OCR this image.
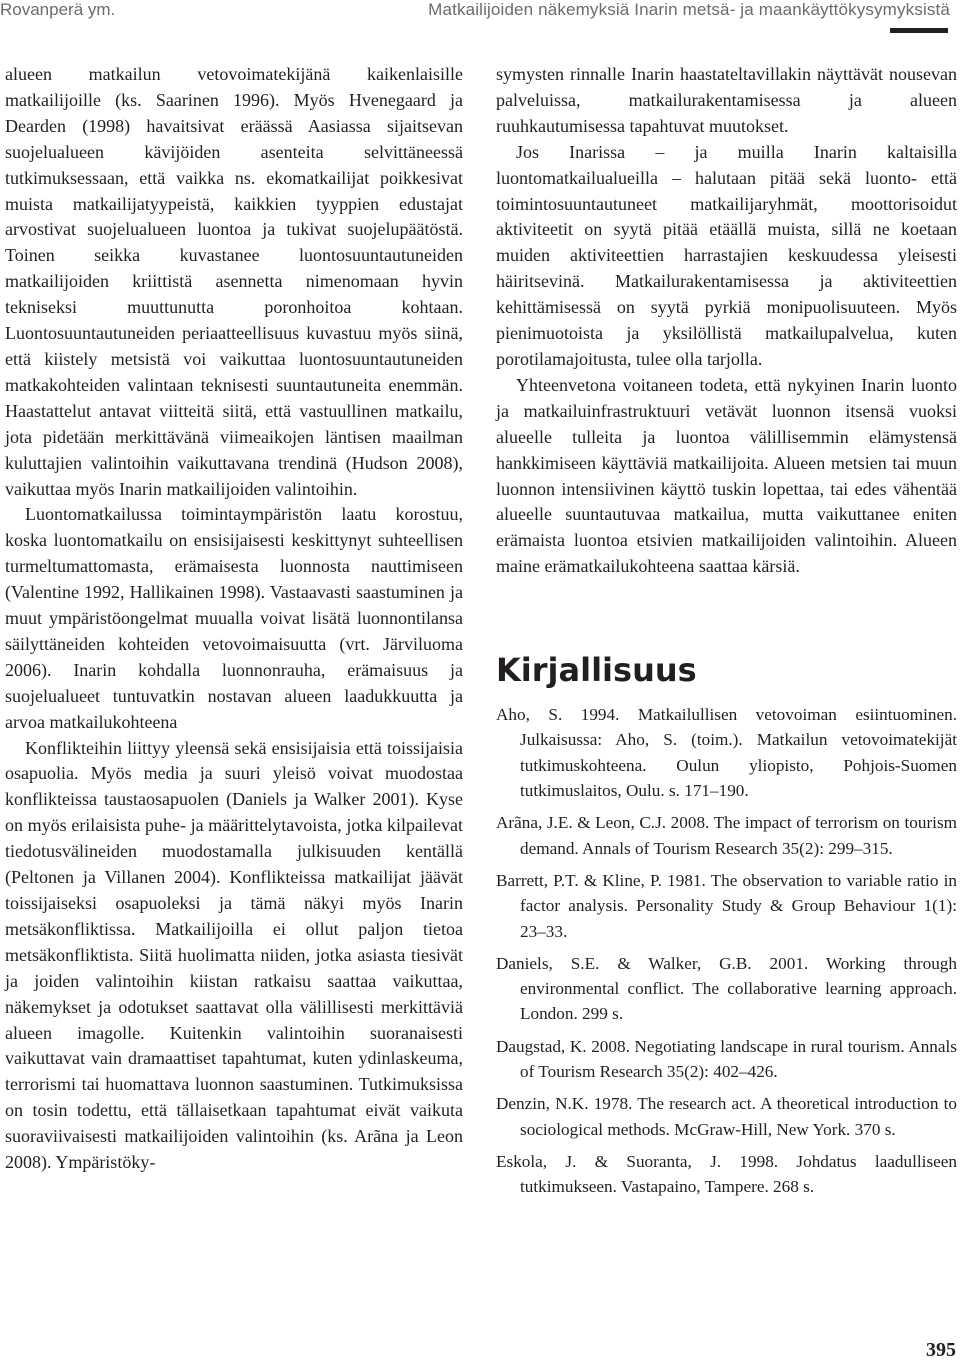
Rovanperä ym.	Matkailijoiden näkemyksiä Inarin metsä- ja maankäyttökysymyksistä

alueen matkailun vetovoimatekijänä kaikenlaisille matkailijoille (ks. Saarinen 1996). Myös Hvenegaard ja Dearden (1998) havaitsivat eräässä Aasiassa sijaitsevan suojelualueen kävijöiden asenteita selvittäneessä tutkimuksessaan, että vaikka ns. ekomatkailijat poikkesivat muista matkailijatyypeistä, kaikkien tyyppien edustajat arvostivat suojelualueen luontoa ja tukivat suojelupäätöstä. Toinen seikka kuvastanee luontosuuntautuneiden matkailijoiden kriittistä asennetta nimenomaan hyvin tekniseksi muuttunutta poronhoitoa kohtaan. Luontosuuntautuneiden periaatteellisuus kuvastuu myös siinä, että kiistely metsistä voi vaikuttaa luontosuuntautuneiden matkakohteiden valintaan teknisesti suuntautuneita enemmän. Haastattelut antavat viitteitä siitä, että vastuullinen matkailu, jota pidetään merkittävänä viimeaikojen läntisen maailman kuluttajien valintoihin vaikuttavana trendinä (Hudson 2008), vaikuttaa myös Inarin matkailijoiden valintoihin.

Luontomatkailussa toimintaympäristön laatu korostuu, koska luontomatkailu on ensisijaisesti keskittynyt suhteellisen turmeltumattomasta, erämaisesta luonnosta nauttimiseen (Valentine 1992, Hallikainen 1998). Vastaavasti saastuminen ja muut ympäristöongelmat muualla voivat lisätä luonnontilansa säilyttäneiden kohteiden vetovoimaisuutta (vrt. Järviluoma 2006). Inarin kohdalla luonnonrauha, erämaisuus ja suojelualueet tuntuvatkin nostavan alueen laadukkuutta ja arvoa matkailukohteena

Konflikteihin liittyy yleensä sekä ensisijaisia että toissijaisia osapuolia. Myös media ja suuri yleisö voivat muodostaa konflikteissa taustaosapuolen (Daniels ja Walker 2001). Kyse on myös erilaisista puhe- ja määrittelytavoista, jotka kilpailevat tiedotusvälineiden muodostamalla julkisuuden kentällä (Peltonen ja Villanen 2004). Konflikteissa matkailijat jäävät toissijaiseksi osapuoleksi ja tämä näkyi myös Inarin metsäkonfliktissa. Matkailijoilla ei ollut paljon tietoa metsäkonfliktista. Siitä huolimatta niiden, jotka asiasta tiesivät ja joiden valintoihin kiistan ratkaisu saattaa vaikuttaa, näkemykset ja odotukset saattavat olla välillisesti merkittäviä alueen imagolle. Kuitenkin valintoihin suoranaisesti vaikuttavat vain dramaattiset tapahtumat, kuten ydinlaskeuma, terrorismi tai huomattava luonnon saastuminen. Tutkimuksissa on tosin todettu, että tällaisetkaan tapahtumat eivät vaikuta suoraviivaisesti matkailijoiden valintoihin (ks. Arãna ja Leon 2008). Ympäristöky-

symysten rinnalle Inarin haastateltavillakin näyttävät nousevan palveluissa, matkailurakentamisessa ja alueen ruuhkautumisessa tapahtuvat muutokset.

Jos Inarissa – ja muilla Inarin kaltaisilla luontomatkailualueilla – halutaan pitää sekä luonto- että toimintosuuntautuneet matkailijaryhmät, moottorisoidut aktiviteetit on syytä pitää etäällä muista, sillä ne koetaan muiden aktiviteettien harrastajien keskuudessa yleisesti häiritsevinä. Matkailurakentamisessa ja aktiviteettien kehittämisessä on syytä pyrkiä monipuolisuuteen. Myös pienimuotoista ja yksilöllistä matkailupalvelua, kuten porotilamajoitusta, tulee olla tarjolla.

Yhteenvetona voitaneen todeta, että nykyinen Inarin luonto ja matkailuinfrastruktuuri vetävät luonnon itsensä vuoksi alueelle tulleita ja luontoa välillisemmin elämystensä hankkimiseen käyttäviä matkailijoita. Alueen metsien tai muun luonnon intensiivinen käyttö tuskin lopettaa, tai edes vähentää alueelle suuntautuvaa matkailua, mutta vaikuttanee eniten erämaista luontoa etsivien matkailijoiden valintoihin. Alueen maine erämatkailukohteena saattaa kärsiä.

Kirjallisuus
Aho, S. 1994. Matkailullisen vetovoiman esiintuominen. Julkaisussa: Aho, S. (toim.). Matkailun vetovoimatekijät tutkimuskohteena. Oulun yliopisto, Pohjois-Suomen tutkimuslaitos, Oulu. s. 171–190.
Arãna, J.E. & Leon, C.J. 2008. The impact of terrorism on tourism demand. Annals of Tourism Research 35(2): 299–315.
Barrett, P.T. & Kline, P. 1981. The observation to variable ratio in factor analysis. Personality Study & Group Behaviour 1(1): 23–33.
Daniels, S.E. & Walker, G.B. 2001. Working through environmental conflict. The collaborative learning approach. London. 299 s.
Daugstad, K. 2008. Negotiating landscape in rural tourism. Annals of Tourism Research 35(2): 402–426.
Denzin, N.K. 1978. The research act. A theoretical introduction to sociological methods. McGraw-Hill, New York. 370 s.
Eskola, J. & Suoranta, J. 1998. Johdatus laadulliseen tutkimukseen. Vastapaino, Tampere. 268 s.
395
